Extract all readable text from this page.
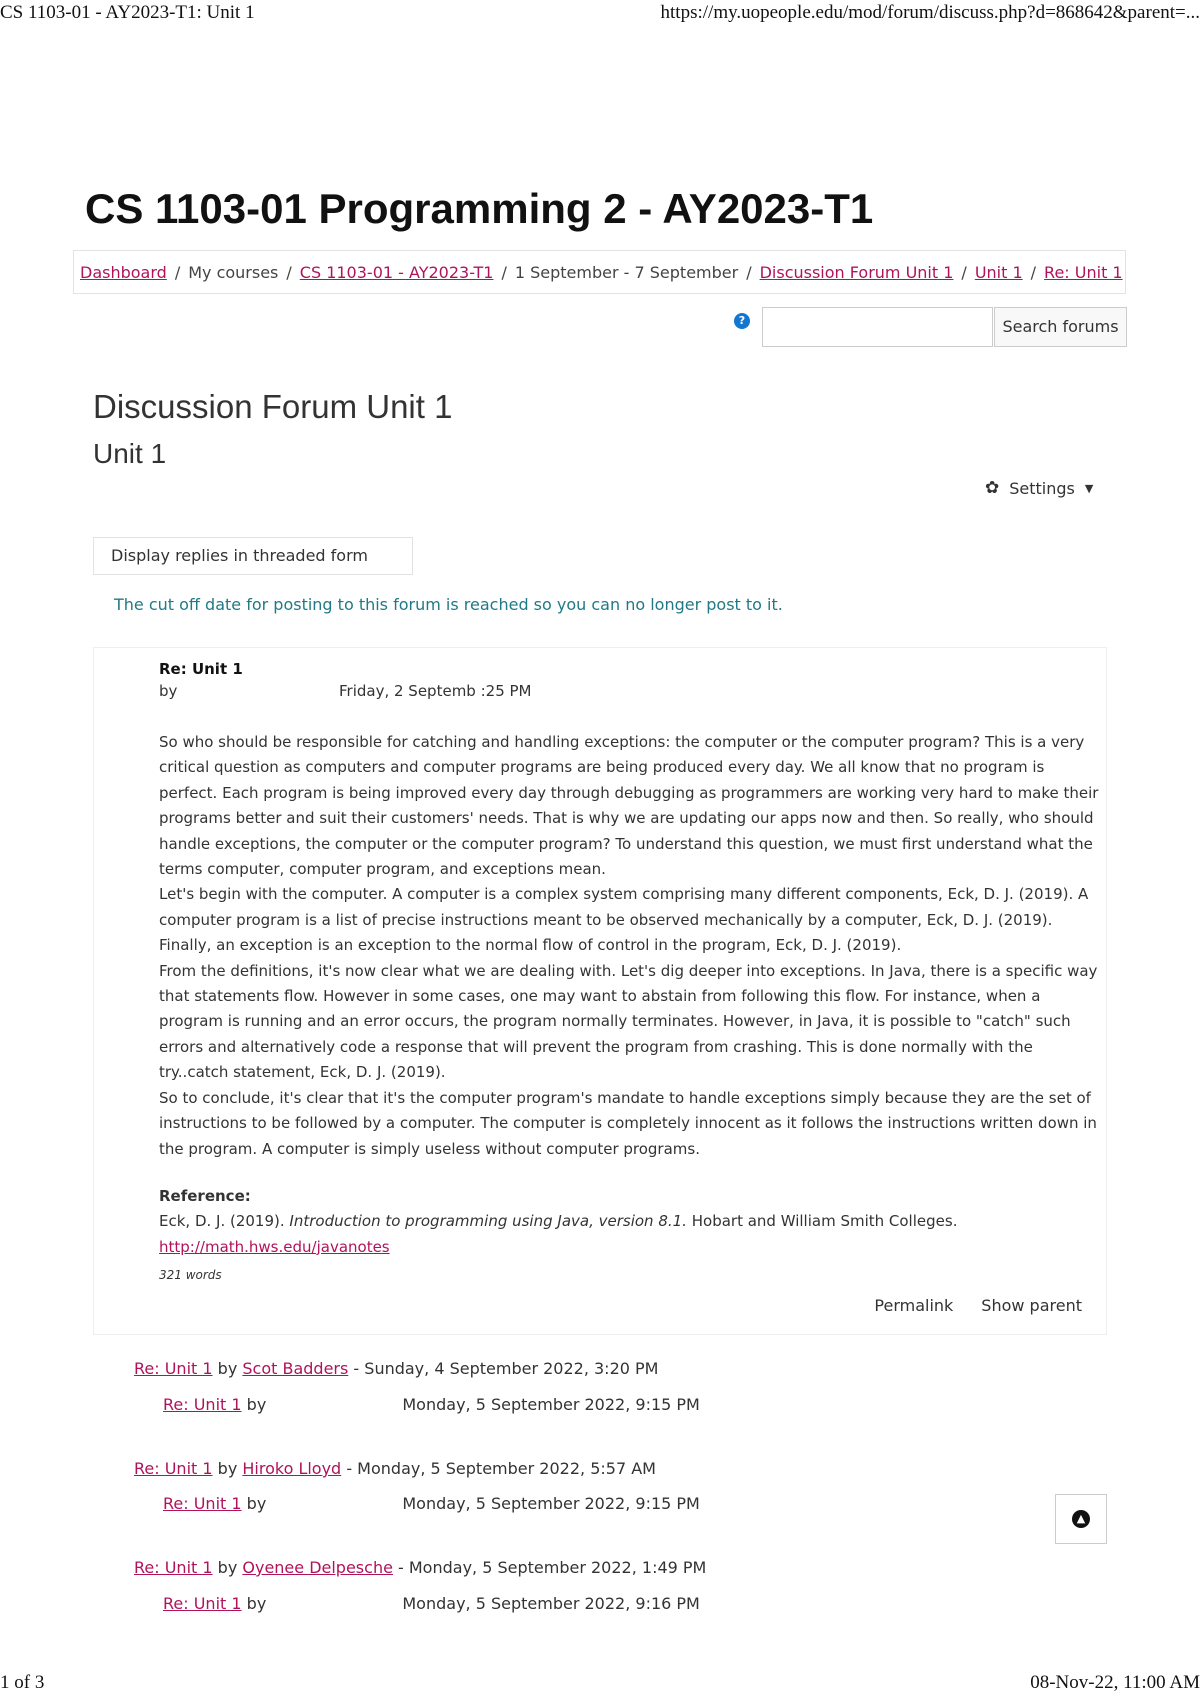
CS 1103-01 - AY2023-T1: Unit 1	https://my.uopeople.edu/mod/forum/discuss.php?d=868642&parent=...
CS 1103-01 Programming 2 - AY2023-T1
Dashboard / My courses / CS 1103-01 - AY2023-T1 / 1 September - 7 September / Discussion Forum Unit 1 / Unit 1 / Re: Unit 1
?	Search forums
Discussion Forum Unit 1
Unit 1
✿ Settings ▼
Display replies in threaded form
The cut off date for posting to this forum is reached so you can no longer post to it.
Re: Unit 1
by	Friday, 2 Septemb :25 PM

So who should be responsible for catching and handling exceptions: the computer or the computer program? This is a very critical question as computers and computer programs are being produced every day. We all know that no program is perfect. Each program is being improved every day through debugging as programmers are working very hard to make their programs better and suit their customers' needs. That is why we are updating our apps now and then. So really, who should handle exceptions, the computer or the computer program? To understand this question, we must first understand what the terms computer, computer program, and exceptions mean.

Let's begin with the computer. A computer is a complex system comprising many different components, Eck, D. J. (2019). A computer program is a list of precise instructions meant to be observed mechanically by a computer, Eck, D. J. (2019). Finally, an exception is an exception to the normal flow of control in the program, Eck, D. J. (2019).

From the definitions, it's now clear what we are dealing with. Let's dig deeper into exceptions. In Java, there is a specific way that statements flow. However in some cases, one may want to abstain from following this flow. For instance, when a program is running and an error occurs, the program normally terminates. However, in Java, it is possible to "catch" such errors and alternatively code a response that will prevent the program from crashing. This is done normally with the try..catch statement, Eck, D. J. (2019).

So to conclude, it's clear that it's the computer program's mandate to handle exceptions simply because they are the set of instructions to be followed by a computer. The computer is completely innocent as it follows the instructions written down in the program. A computer is simply useless without computer programs.

Reference:

Eck, D. J. (2019). Introduction to programming using Java, version 8.1. Hobart and William Smith Colleges. http://math.hws.edu/javanotes

321 words

Permalink Show parent
Re: Unit 1 by Scot Badders - Sunday, 4 September 2022, 3:20 PM
Re: Unit 1 by	Monday, 5 September 2022, 9:15 PM
Re: Unit 1 by Hiroko Lloyd - Monday, 5 September 2022, 5:57 AM
Re: Unit 1 by	Monday, 5 September 2022, 9:15 PM
Re: Unit 1 by Oyenee Delpesche - Monday, 5 September 2022, 1:49 PM
Re: Unit 1 by	Monday, 5 September 2022, 9:16 PM
▲
1 of 3	08-Nov-22, 11:00 AM
